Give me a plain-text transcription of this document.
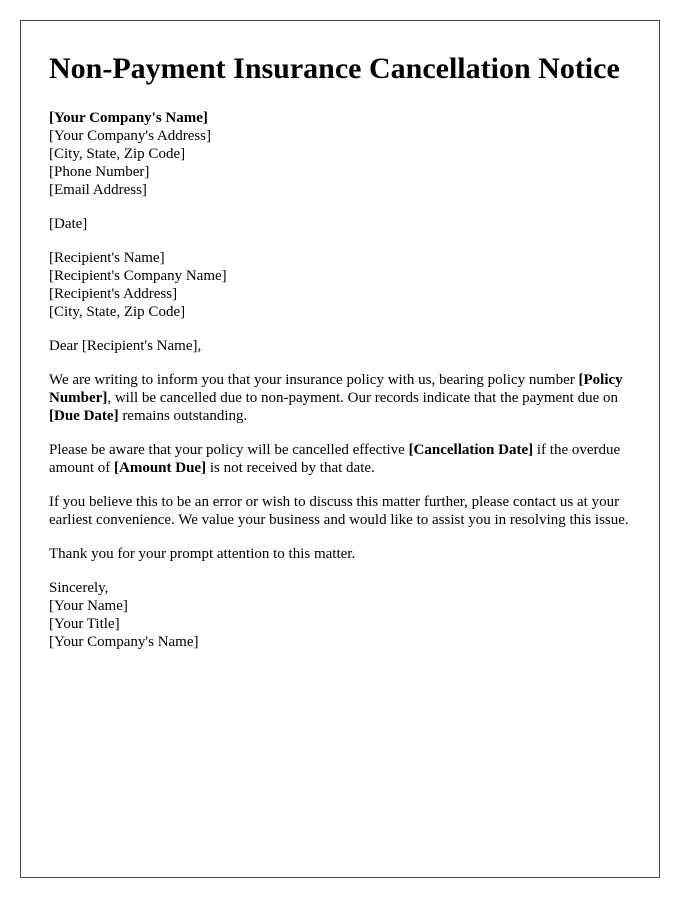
Non-Payment Insurance Cancellation Notice
[Your Company's Name]
[Your Company's Address]
[City, State, Zip Code]
[Phone Number]
[Email Address]
[Date]
[Recipient's Name]
[Recipient's Company Name]
[Recipient's Address]
[City, State, Zip Code]

Dear [Recipient's Name],

We are writing to inform you that your insurance policy with us, bearing policy number [Policy Number], will be cancelled due to non-payment. Our records indicate that the payment due on [Due Date] remains outstanding.

Please be aware that your policy will be cancelled effective [Cancellation Date] if the overdue amount of [Amount Due] is not received by that date.

If you believe this to be an error or wish to discuss this matter further, please contact us at your earliest convenience. We value your business and would like to assist you in resolving this issue.

Thank you for your prompt attention to this matter.

Sincerely,
[Your Name]
[Your Title]
[Your Company's Name]
